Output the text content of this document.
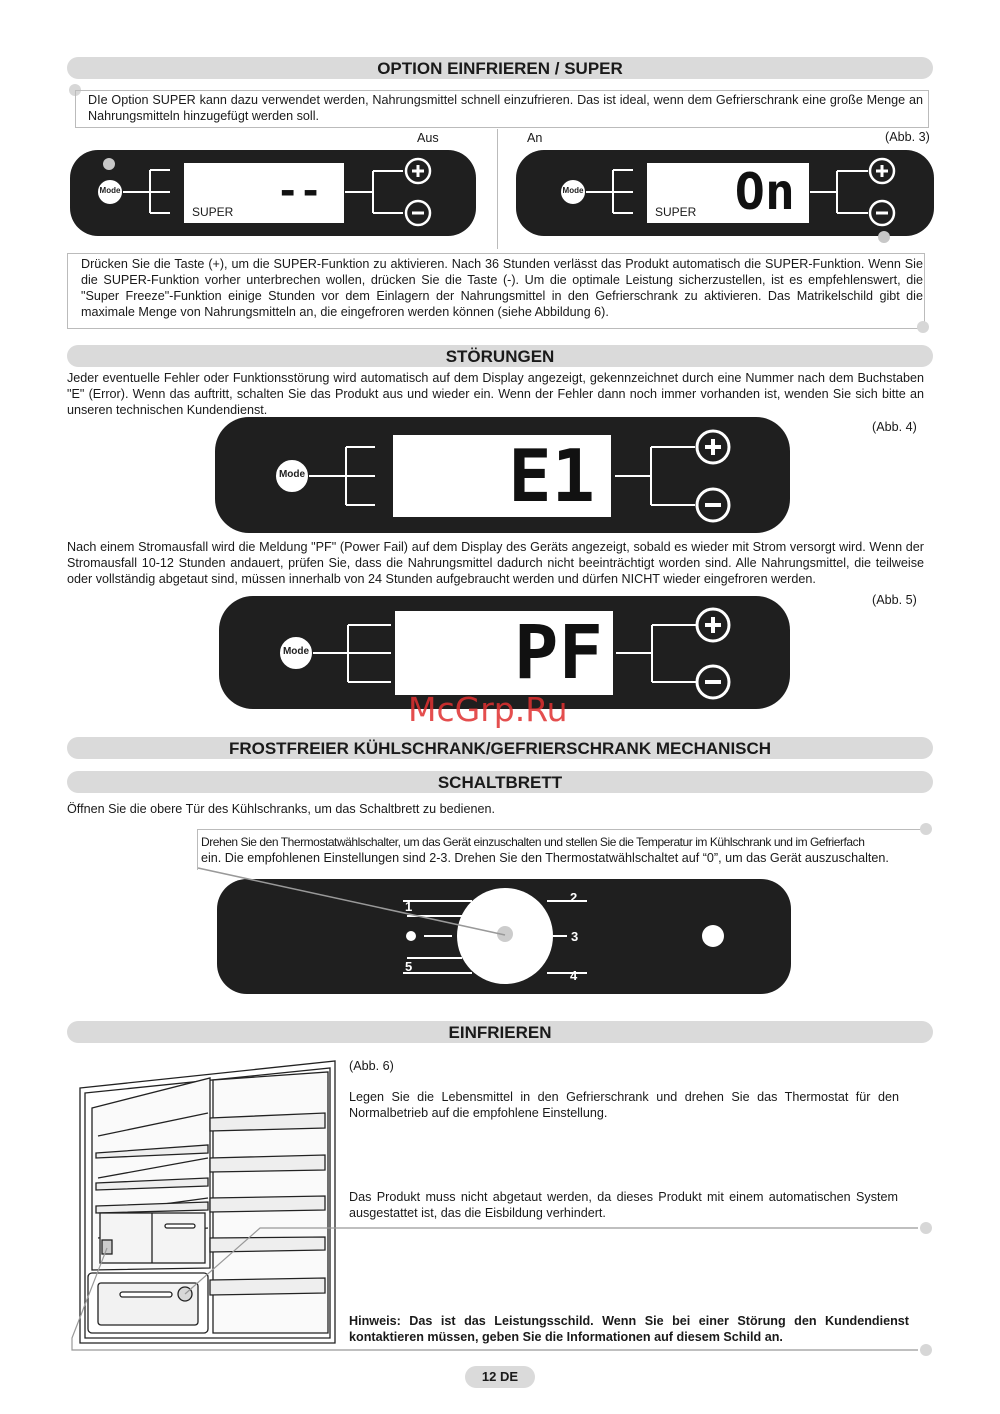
OPTION EINFRIEREN / SUPER
DIe Option SUPER kann dazu verwendet werden, Nahrungsmittel schnell einzufrieren. Das ist ideal, wenn dem Gefrierschrank eine große Menge an Nahrungsmitteln hinzugefügt werden soll.
Aus	An	(Abb. 3)
Mode	--
SUPER
Mode	On
SUPER
Drücken Sie die Taste (+), um die SUPER-Funktion zu aktivieren. Nach 36 Stunden verlässt das Produkt automatisch die SUPER-Funktion. Wenn Sie die SUPER-Funktion vorher unterbrechen wollen, drücken Sie die Taste (-). Um die optimale Leistung sicherzustellen, ist es empfehlenswert, die "Super Freeze"-Funktion einige Stunden vor dem Einlagern der Nahrungsmittel in den Gefrierschrank zu aktivieren. Das Matrikelschild gibt die maximale Menge von Nahrungsmitteln an, die eingefroren werden können (siehe Abbildung 6).
STÖRUNGEN
Jeder eventuelle Fehler oder Funktionsstörung wird automatisch auf dem Display angezeigt, gekennzeichnet durch eine Nummer nach dem Buchstaben "E" (Error). Wenn das auftritt, schalten Sie das Produkt aus und wieder ein. Wenn der Fehler dann noch immer vorhanden ist, wenden Sie sich bitte an unseren technischen Kundendienst.
(Abb. 4)
Mode	E1
Nach einem Stromausfall wird die Meldung "PF" (Power Fail) auf dem Display des Geräts angezeigt, sobald es wieder mit Strom versorgt wird. Wenn der Stromausfall 10-12 Stunden andauert, prüfen Sie, dass die Nahrungsmittel dadurch nicht beeinträchtigt worden sind. Alle Nahrungsmittel, die teilweise oder vollständig abgetaut sind, müssen innerhalb von 24 Stunden aufgebraucht werden und dürfen NICHT wieder eingefroren werden.
(Abb. 5)
Mode	PF
McGrp.Ru
FROSTFREIER KÜHLSCHRANK/GEFRIERSCHRANK MECHANISCH
SCHALTBRETT
Öffnen Sie die obere Tür des Kühlschranks, um das Schaltbrett zu bedienen.
Drehen Sie den Thermostatwählschalter, um das Gerät einzuschalten und stellen Sie die Temperatur im Kühlschrank und im Gefrierfach
ein. Die empfohlenen Einstellungen sind 2-3. Drehen Sie den Thermostatwählschaltet auf “0”, um das Gerät auszuschalten.
1
2
3
4
5
EINFRIEREN
(Abb. 6)
Legen Sie die Lebensmittel in den Gefrierschrank und drehen Sie das Thermostat für den Normalbetrieb auf die empfohlene Einstellung.
Das Produkt muss nicht abgetaut werden, da dieses Produkt mit einem automatischen System ausgestattet ist, das die Eisbildung verhindert.
Hinweis: Das ist das Leistungsschild. Wenn Sie bei einer Störung den Kundendienst kontaktieren müssen, geben Sie die Informationen auf diesem Schild an.
12 DE
